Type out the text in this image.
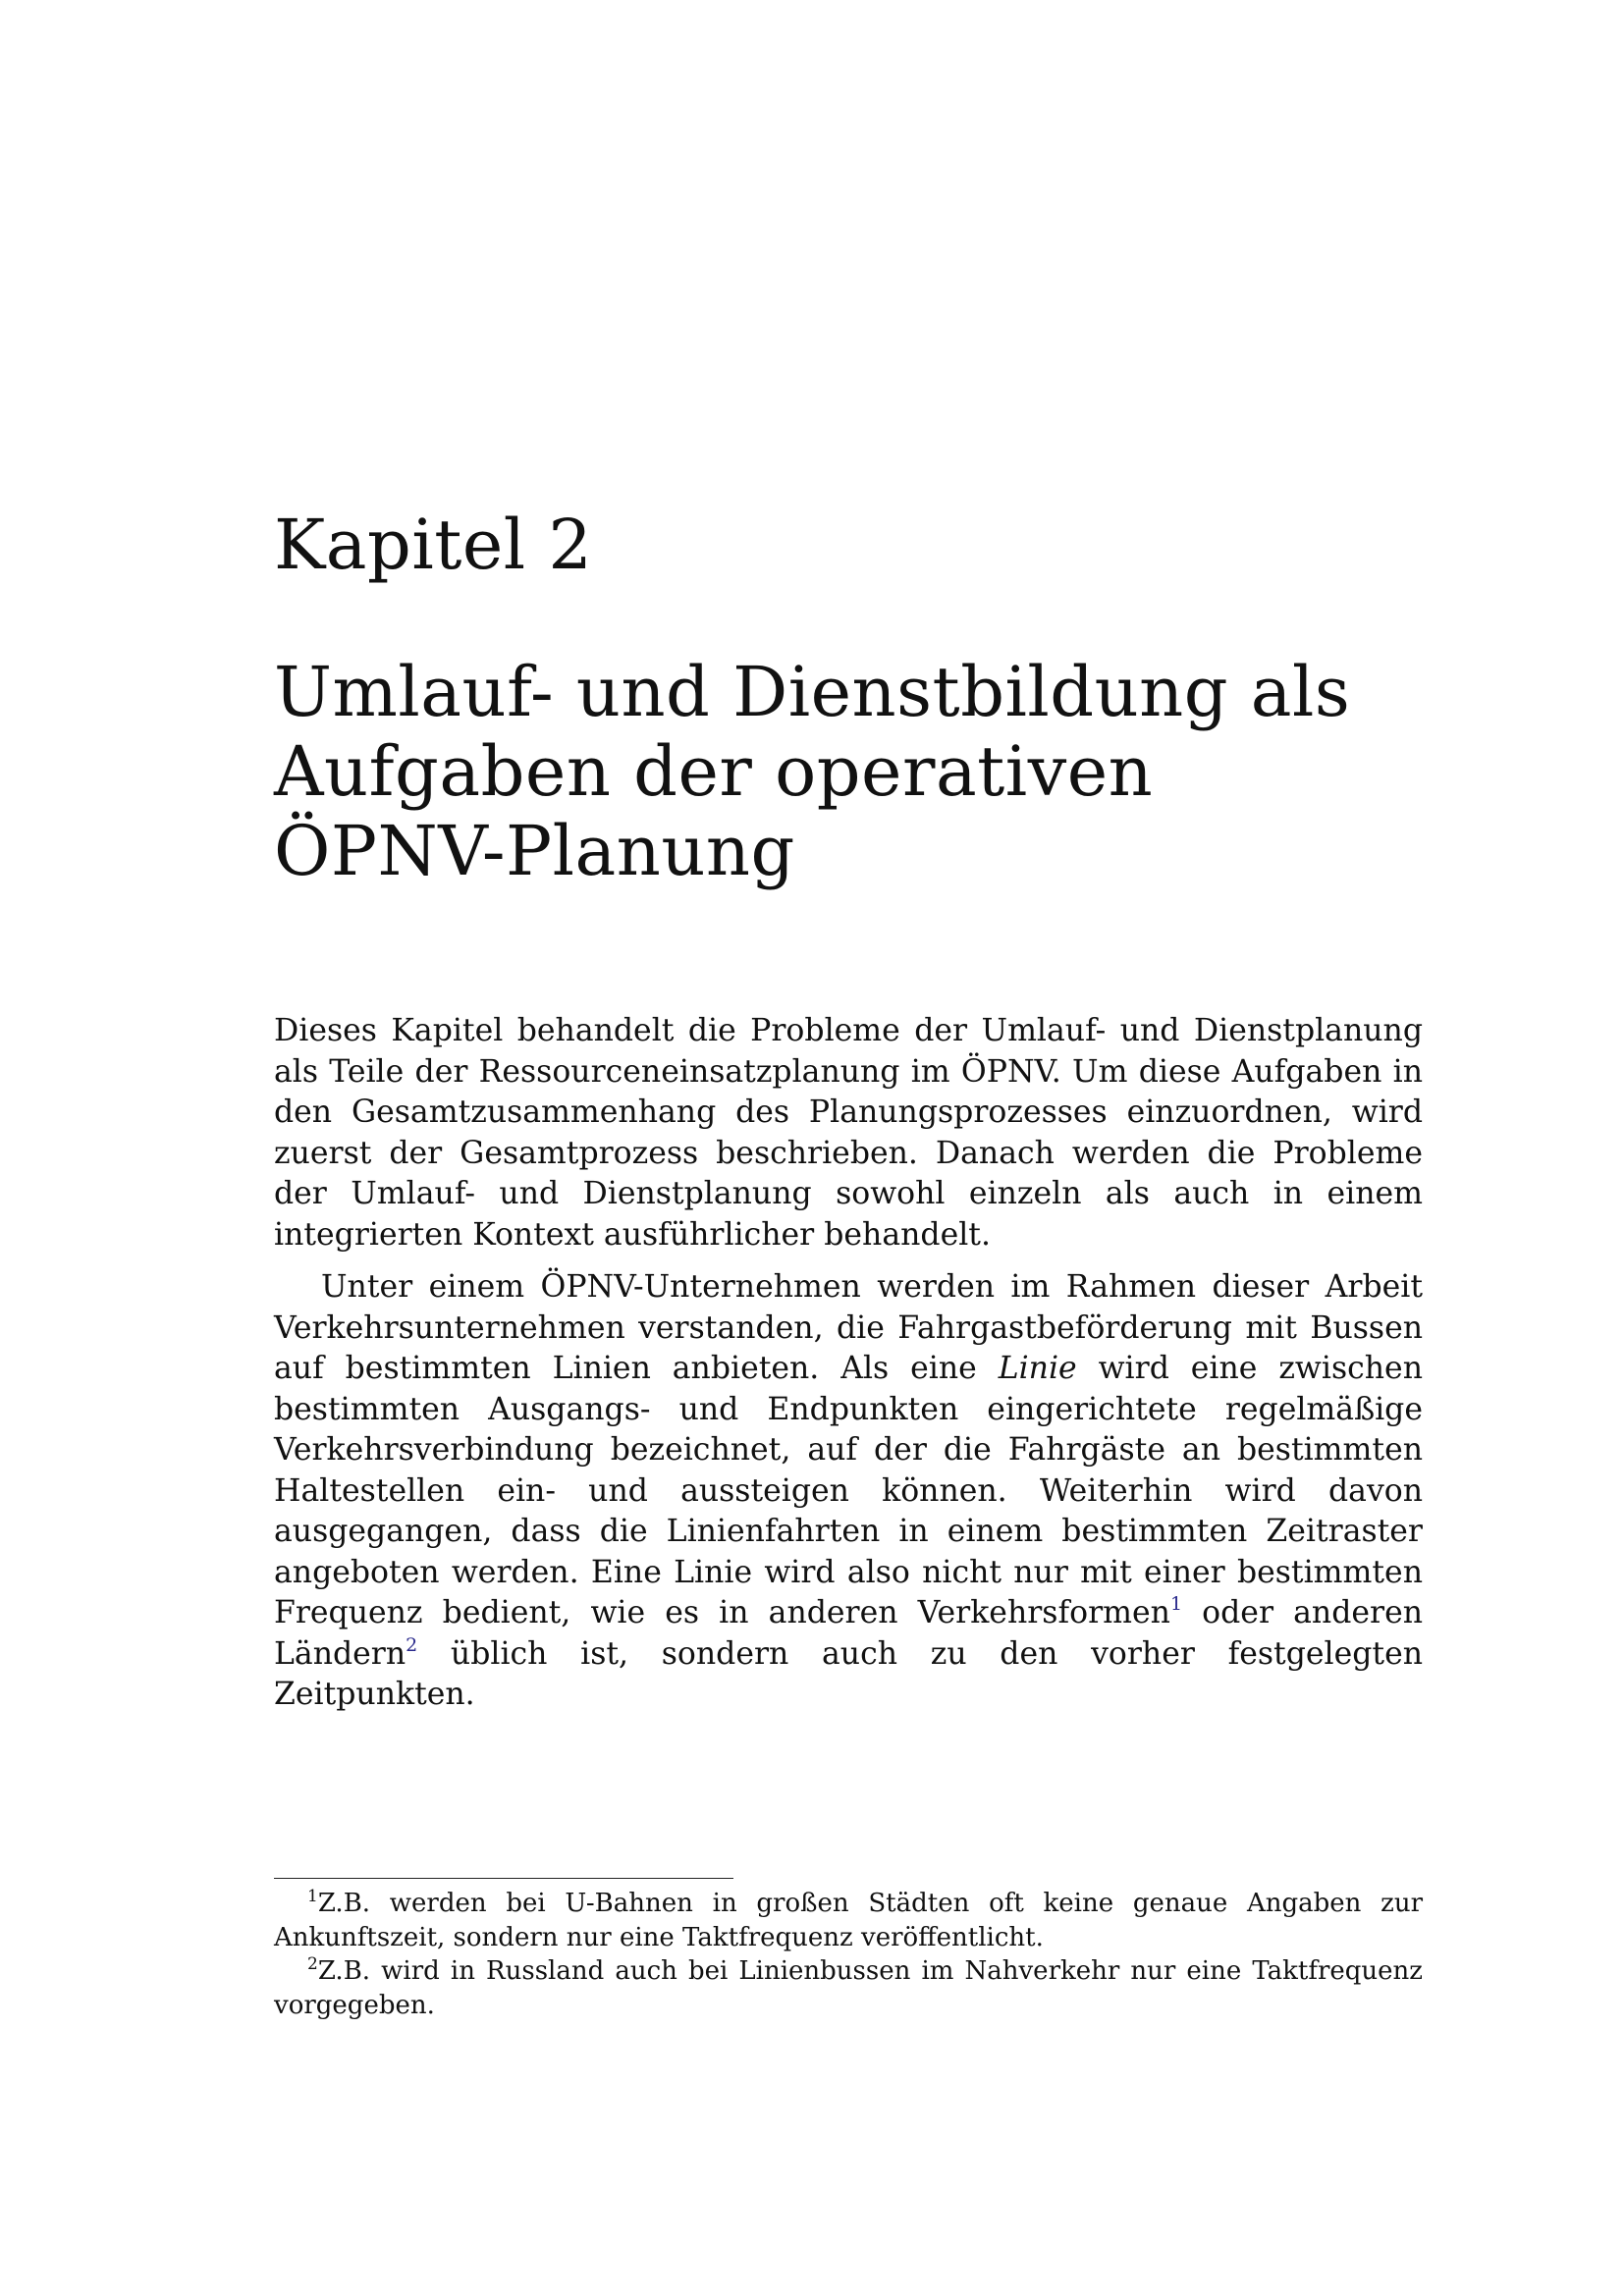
Kapitel 2
Umlauf- und Dienstbildung als
Aufgaben der operativen
ÖPNV-Planung

Dieses Kapitel behandelt die Probleme der Umlauf- und Dienstplanung als Teile der Ressourceneinsatzplanung im ÖPNV. Um diese Aufgaben in den Gesamtzusammenhang des Planungsprozesses einzuordnen, wird zuerst der Gesamtprozess beschrieben. Danach werden die Probleme der Umlauf- und Dienstplanung sowohl einzeln als auch in einem integrierten Kontext ausführlicher behandelt.

Unter einem ÖPNV-Unternehmen werden im Rahmen dieser Arbeit Verkehrsunternehmen verstanden, die Fahrgastbeförderung mit Bussen auf bestimmten Linien anbieten. Als eine Linie wird eine zwischen bestimmten Ausgangs- und Endpunkten eingerichtete regelmäßige Verkehrsverbindung bezeichnet, auf der die Fahrgäste an bestimmten Haltestellen ein- und aussteigen können. Weiterhin wird davon ausgegangen, dass die Linienfahrten in einem bestimmten Zeitraster angeboten werden. Eine Linie wird also nicht nur mit einer bestimmten Frequenz bedient, wie es in anderen Verkehrsformen$^1$ oder anderen Ländern$^2$ üblich ist, sondern auch zu den vorher festgelegten Zeitpunkten.

$^1$Z.B. werden bei U-Bahnen in großen Städten oft keine genaue Angaben zur Ankunftszeit, sondern nur eine Taktfrequenz veröffentlicht.

$^2$Z.B. wird in Russland auch bei Linienbussen im Nahverkehr nur eine Taktfrequenz vorgegeben.
